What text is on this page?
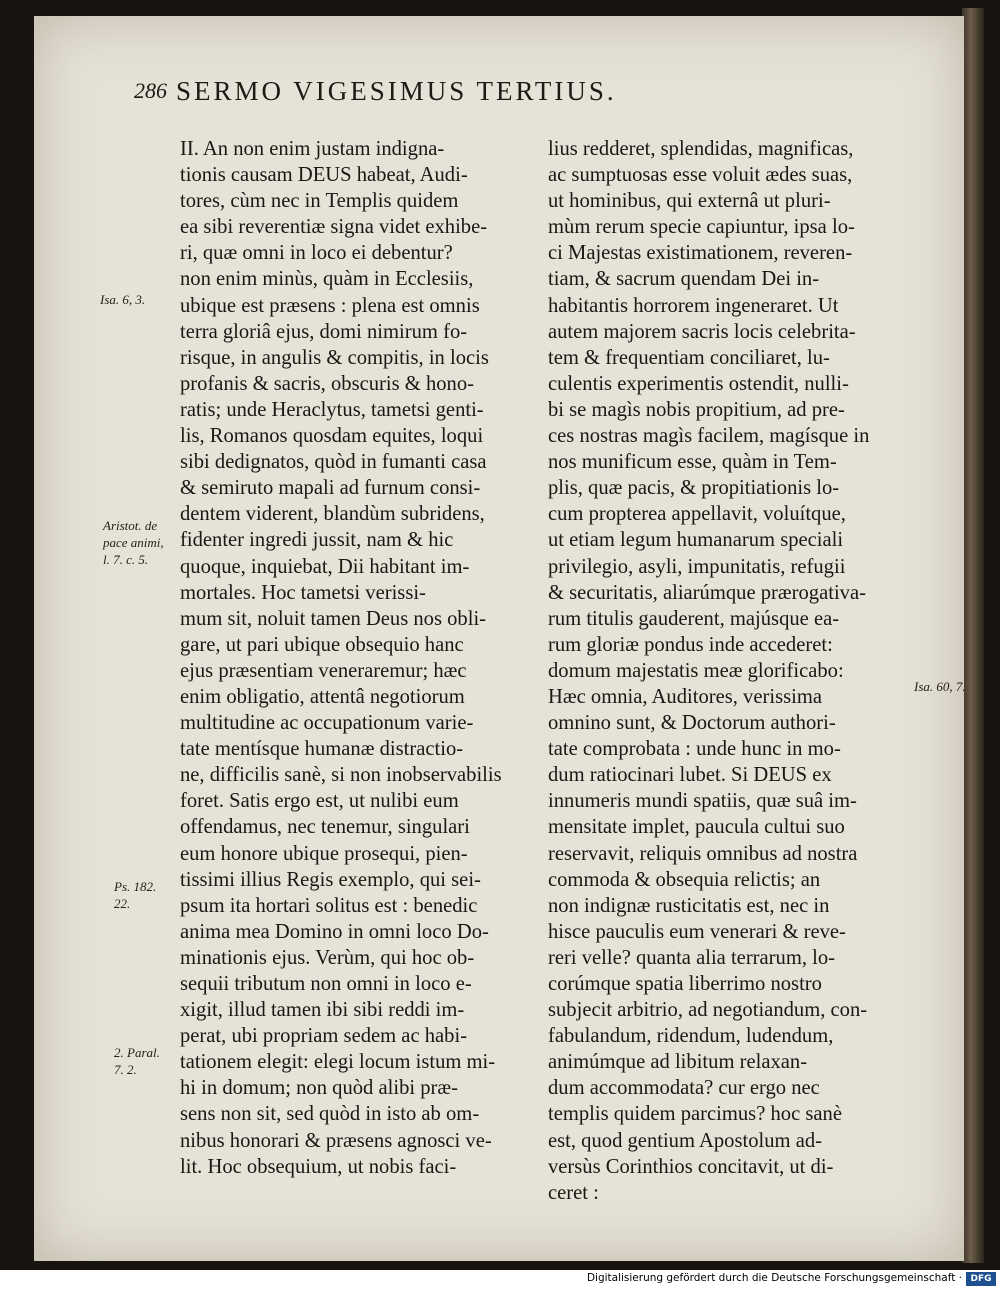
286 SERMO VIGESIMUS TERTIUS.
II. An non enim justam indigna-
tionis causam DEUS habeat, Audi-
tores, cùm nec in Templis quidem
ea sibi reverentiæ signa videt exhibe-
ri, quæ omni in loco ei debentur?
non enim minùs, quàm in Ecclesiis,
ubique est præsens : plena est omnis
terra gloriâ ejus, domi nimirum fo-
risque, in angulis & compitis, in locis
profanis & sacris, obscuris & hono-
ratis; unde Heraclytus, tametsi genti-
lis, Romanos quosdam equites, loqui
sibi dedignatos, quòd in fumanti casa
& semiruto mapali ad furnum consi-
dentem viderent, blandùm subridens,
fidenter ingredi jussit, nam & hic
quoque, inquiebat, Dii habitant im-
mortales. Hoc tametsi verissi-
mum sit, noluit tamen Deus nos obli-
gare, ut pari ubique obsequio hanc
ejus præsentiam veneraremur; hæc
enim obligatio, attentâ negotiorum
multitudine ac occupationum varie-
tate mentísque humanæ distractio-
ne, difficilis sanè, si non inobservabilis
foret. Satis ergo est, ut nulibi eum
offendamus, nec tenemur, singulari
eum honore ubique prosequi, pien-
tissimi illius Regis exemplo, qui sei-
psum ita hortari solitus est : benedic
anima mea Domino in omni loco Do-
minationis ejus. Verùm, qui hoc ob-
sequii tributum non omni in loco e-
xigit, illud tamen ibi sibi reddi im-
perat, ubi propriam sedem ac habi-
tationem elegit: elegi locum istum mi-
hi in domum; non quòd alibi præ-
sens non sit, sed quòd in isto ab om-
nibus honorari & præsens agnosci ve-
lit. Hoc obsequium, ut nobis faci-
lius redderet, splendidas, magnificas,
ac sumptuosas esse voluit ædes suas,
ut hominibus, qui externâ ut pluri-
mùm rerum specie capiuntur, ipsa lo-
ci Majestas existimationem, reveren-
tiam, & sacrum quendam Dei in-
habitantis horrorem ingeneraret. Ut
autem majorem sacris locis celebrita-
tem & frequentiam conciliaret, lu-
culentis experimentis ostendit, nulli-
bi se magìs nobis propitium, ad pre-
ces nostras magìs facilem, magísque in
nos munificum esse, quàm in Tem-
plis, quæ pacis, & propitiationis lo-
cum propterea appellavit, voluítque,
ut etiam legum humanarum speciali
privilegio, asyli, impunitatis, refugii
& securitatis, aliarúmque prærogativa-
rum titulis gauderent, majúsque ea-
rum gloriæ pondus inde accederet:
domum majestatis meæ glorificabo:
Hæc omnia, Auditores, verissima
omnino sunt, & Doctorum authori-
tate comprobata : unde hunc in mo-
dum ratiocinari lubet. Si DEUS ex
innumeris mundi spatiis, quæ suâ im-
mensitate implet, paucula cultui suo
reservavit, reliquis omnibus ad nostra
commoda & obsequia relictis; an
non indignæ rusticitatis est, nec in
hisce pauculis eum venerari & reve-
reri velle? quanta alia terrarum, lo-
corúmque spatia liberrimo nostro
subjecit arbitrio, ad negotiandum, con-
fabulandum, ridendum, ludendum,
animúmque ad libitum relaxan-
dum accommodata? cur ergo nec
templis quidem parcimus? hoc sanè
est, quod gentium Apostolum ad-
versùs Corinthios concitavit, ut di-
ceret :
Isa. 6, 3.
Aristot. de pace animi, l. 7. c. 5.
Ps. 182. 22.
2. Paral. 7. 2.
Isa. 60, 7.
Digitalisierung gefördert durch die Deutsche Forschungsgemeinschaft · DFG
